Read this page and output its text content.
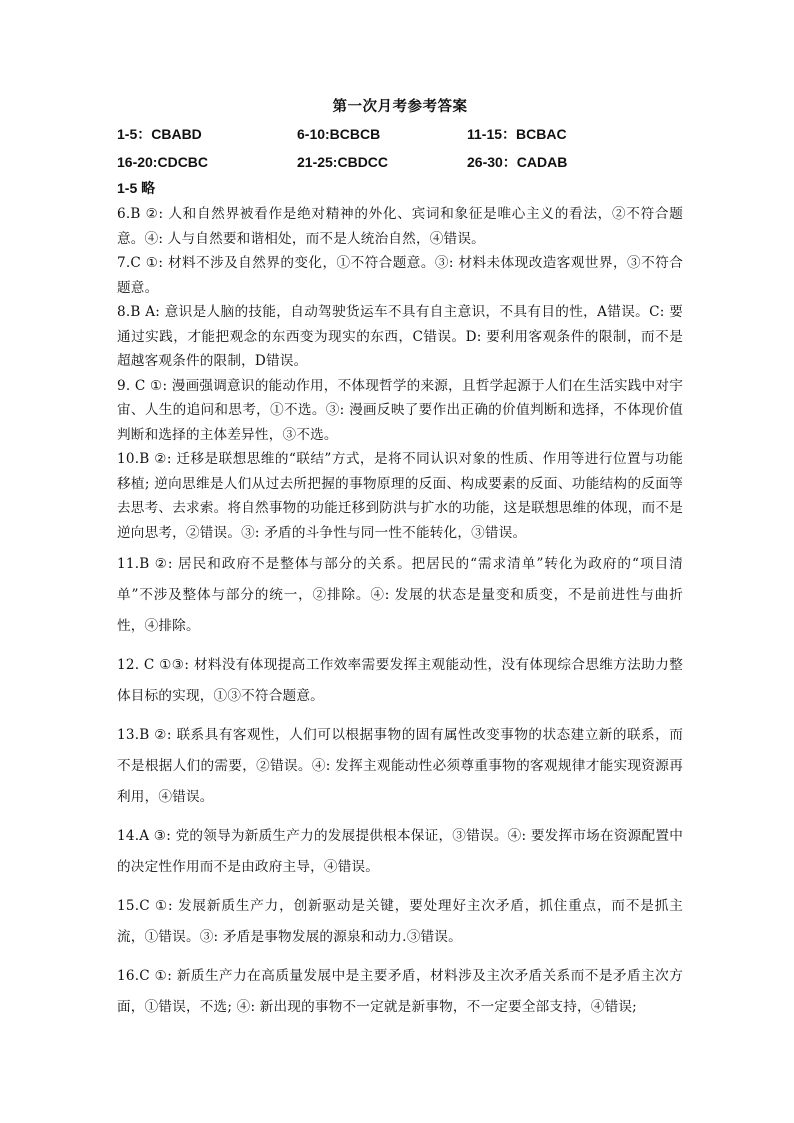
第一次月考参考答案
1-5：CBABD	6-10:BCBCB	11-15：BCBAC
16-20:CDCBC	21-25:CBDCC	26-30：CADAB
1-5 略
6.B ②: 人和自然界被看作是绝对精神的外化、宾词和象征是唯心主义的看法，②不符合题意。④: 人与自然要和谐相处，而不是人统治自然，④错误。
7.C ①: 材料不涉及自然界的变化，①不符合题意。③: 材料未体现改造客观世界，③不符合题意。
8.B A: 意识是人脑的技能，自动驾驶货运车不具有自主意识，不具有目的性，A错误。C: 要通过实践，才能把观念的东西变为现实的东西，C错误。D: 要利用客观条件的限制，而不是超越客观条件的限制，D错误。
9. C ①: 漫画强调意识的能动作用，不体现哲学的来源，且哲学起源于人们在生活实践中对宇宙、人生的追问和思考，①不选。③: 漫画反映了要作出正确的价值判断和选择，不体现价值判断和选择的主体差异性，③不选。
10.B ②: 迁移是联想思维的“联结”方式，是将不同认识对象的性质、作用等进行位置与功能移植; 逆向思维是人们从过去所把握的事物原理的反面、构成要素的反面、功能结构的反面等去思考、去求索。将自然事物的功能迁移到防洪与扩水的功能，这是联想思维的体现，而不是逆向思考，②错误。③: 矛盾的斗争性与同一性不能转化，③错误。
11.B ②: 居民和政府不是整体与部分的关系。把居民的“需求清单”转化为政府的“项目清单”不涉及整体与部分的统一，②排除。④: 发展的状态是量变和质变，不是前进性与曲折性，④排除。
12. C ①③: 材料没有体现提高工作效率需要发挥主观能动性，没有体现综合思维方法助力整体目标的实现，①③不符合题意。
13.B ②: 联系具有客观性，人们可以根据事物的固有属性改变事物的状态建立新的联系，而不是根据人们的需要，②错误。④: 发挥主观能动性必须尊重事物的客观规律才能实现资源再利用，④错误。
14.A ③: 党的领导为新质生产力的发展提供根本保证，③错误。④: 要发挥市场在资源配置中的决定性作用而不是由政府主导，④错误。
15.C ①: 发展新质生产力，创新驱动是关键，要处理好主次矛盾，抓住重点，而不是抓主流，①错误。③: 矛盾是事物发展的源泉和动力.③错误。
16.C ①: 新质生产力在高质量发展中是主要矛盾，材料涉及主次矛盾关系而不是矛盾主次方面，①错误，不选; ④: 新出现的事物不一定就是新事物，不一定要全部支持，④错误;
